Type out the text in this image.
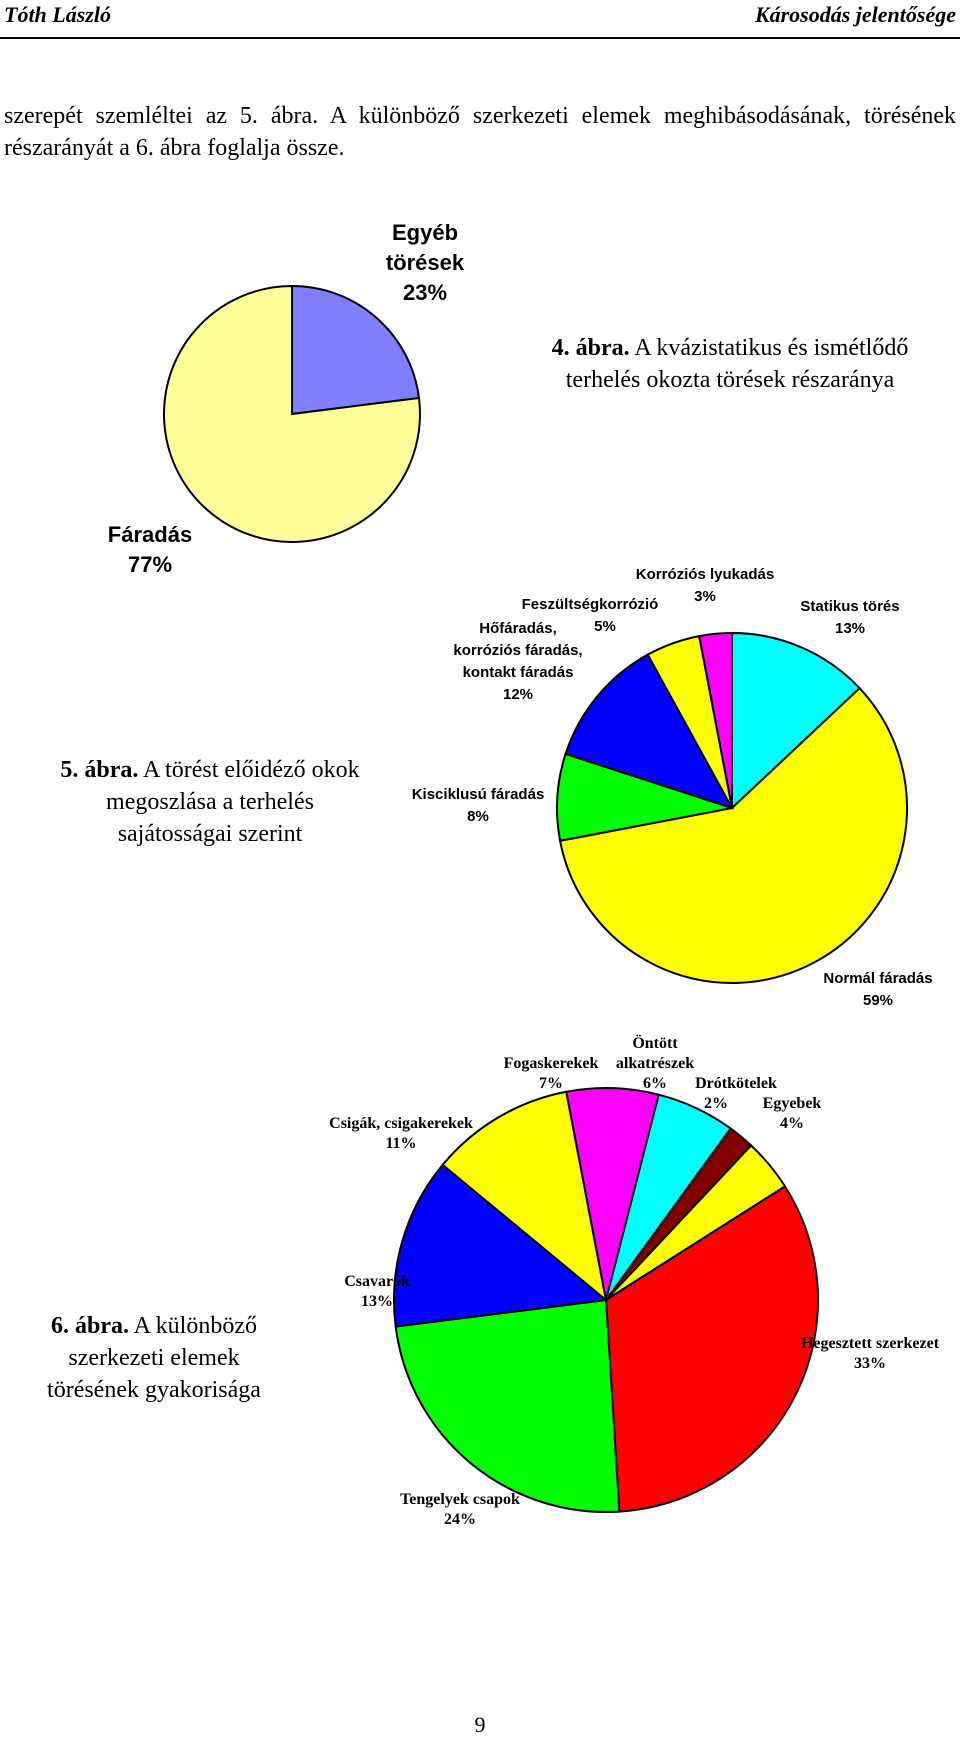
Tóth László	Károsodás jelentősége
szerepét szemléltei az 5. ábra. A különböző szerkezeti elemek meghibásodásának, törésének részarányát a 6. ábra foglalja össze.
Egyéb
törések
23%
Fáradás
77%
4. ábra. A kvázistatikus és ismétlődő
terhelés okozta törések részaránya
Korróziós lyukadás
3%
Feszültségkorrózió
5%
Hőfáradás,
korróziós fáradás,
kontakt fáradás
12%
Statikus törés
13%
Kisciklusú fáradás
8%
Normál fáradás
59%
5. ábra. A törést előidéző okok
megoszlása a terhelés
sajátosságai szerint
Öntött
alkatrészek
6%
Fogaskerekek
7%	Drótkötelek
2%	Egyebek
4%
Csigák, csigakerekek
11%
Csavarok
13%
Hegesztett szerkezet
33%
Tengelyek csapok
24%
6. ábra. A különböző
szerkezeti elemek
törésének gyakorisága
9
